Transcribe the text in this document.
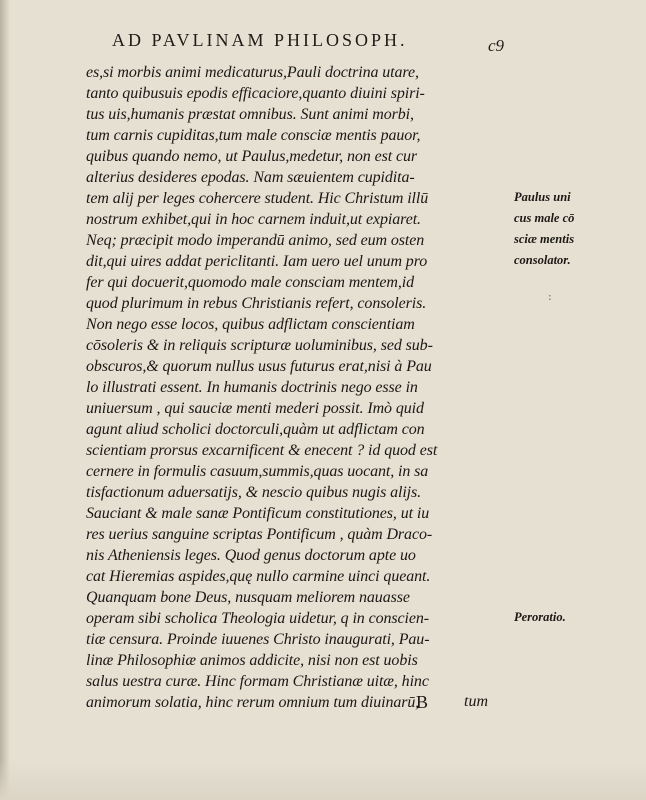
AD PAVLINAM PHILOSOPH.	c9
es,si morbis animi medicaturus,Pauli doctrina utare,
tanto quibusuis epodis efficaciore,quanto diuini spiri-
tus uis,humanis præstat omnibus. Sunt animi morbi,
tum carnis cupiditas,tum male consciæ mentis pauor,
quibus quando nemo, ut Paulus,medetur, non est cur
alterius desideres epodas. Nam sæuientem cupidita-
tem alij per leges cohercere student. Hic Christum illū
nostrum exhibet,qui in hoc carnem induit,ut expiaret.
Neq; præcipit modo imperandū animo, sed eum osten
dit,qui uires addat periclitanti. Iam uero uel unum pro
fer qui docuerit,quomodo male consciam mentem,id
quod plurimum in rebus Christianis refert, consoleris.
Non nego esse locos, quibus adflictam conscientiam
cōsoleris & in reliquis scripturæ uoluminibus, sed sub-
obscuros,& quorum nullus usus futurus erat,nisi à Pau
lo illustrati essent. In humanis doctrinis nego esse in
uniuersum , qui sauciæ menti mederi possit. Imò quid
agunt aliud scholici doctorculi,quàm ut adflictam con
scientiam prorsus excarnificent & enecent ? id quod est
cernere in formulis casuum,summis,quas uocant, in sa
tisfactionum aduersatijs, & nescio quibus nugis alijs.
Sauciant & male sanæ Pontificum constitutiones, ut iu
res uerius sanguine scriptas Pontificum , quàm Draco-
nis Atheniensis leges. Quod genus doctorum apte uo
cat Hieremias aspides,quę nullo carmine uinci queant.
Quanquam bone Deus, nusquam meliorem nauasse
operam sibi scholica Theologia uidetur, q in conscien-
tiæ censura. Proinde iuuenes Christo inaugurati, Pau-
linæ Philosophiæ animos addicite, nisi non est uobis
salus uestra curæ. Hinc formam Christianæ uitæ, hinc
animorum solatia, hinc rerum omnium tum diuinarū,
B tum
Paulus uni
cus male cō
sciæ mentis
consolator.
:
Peroratio.
